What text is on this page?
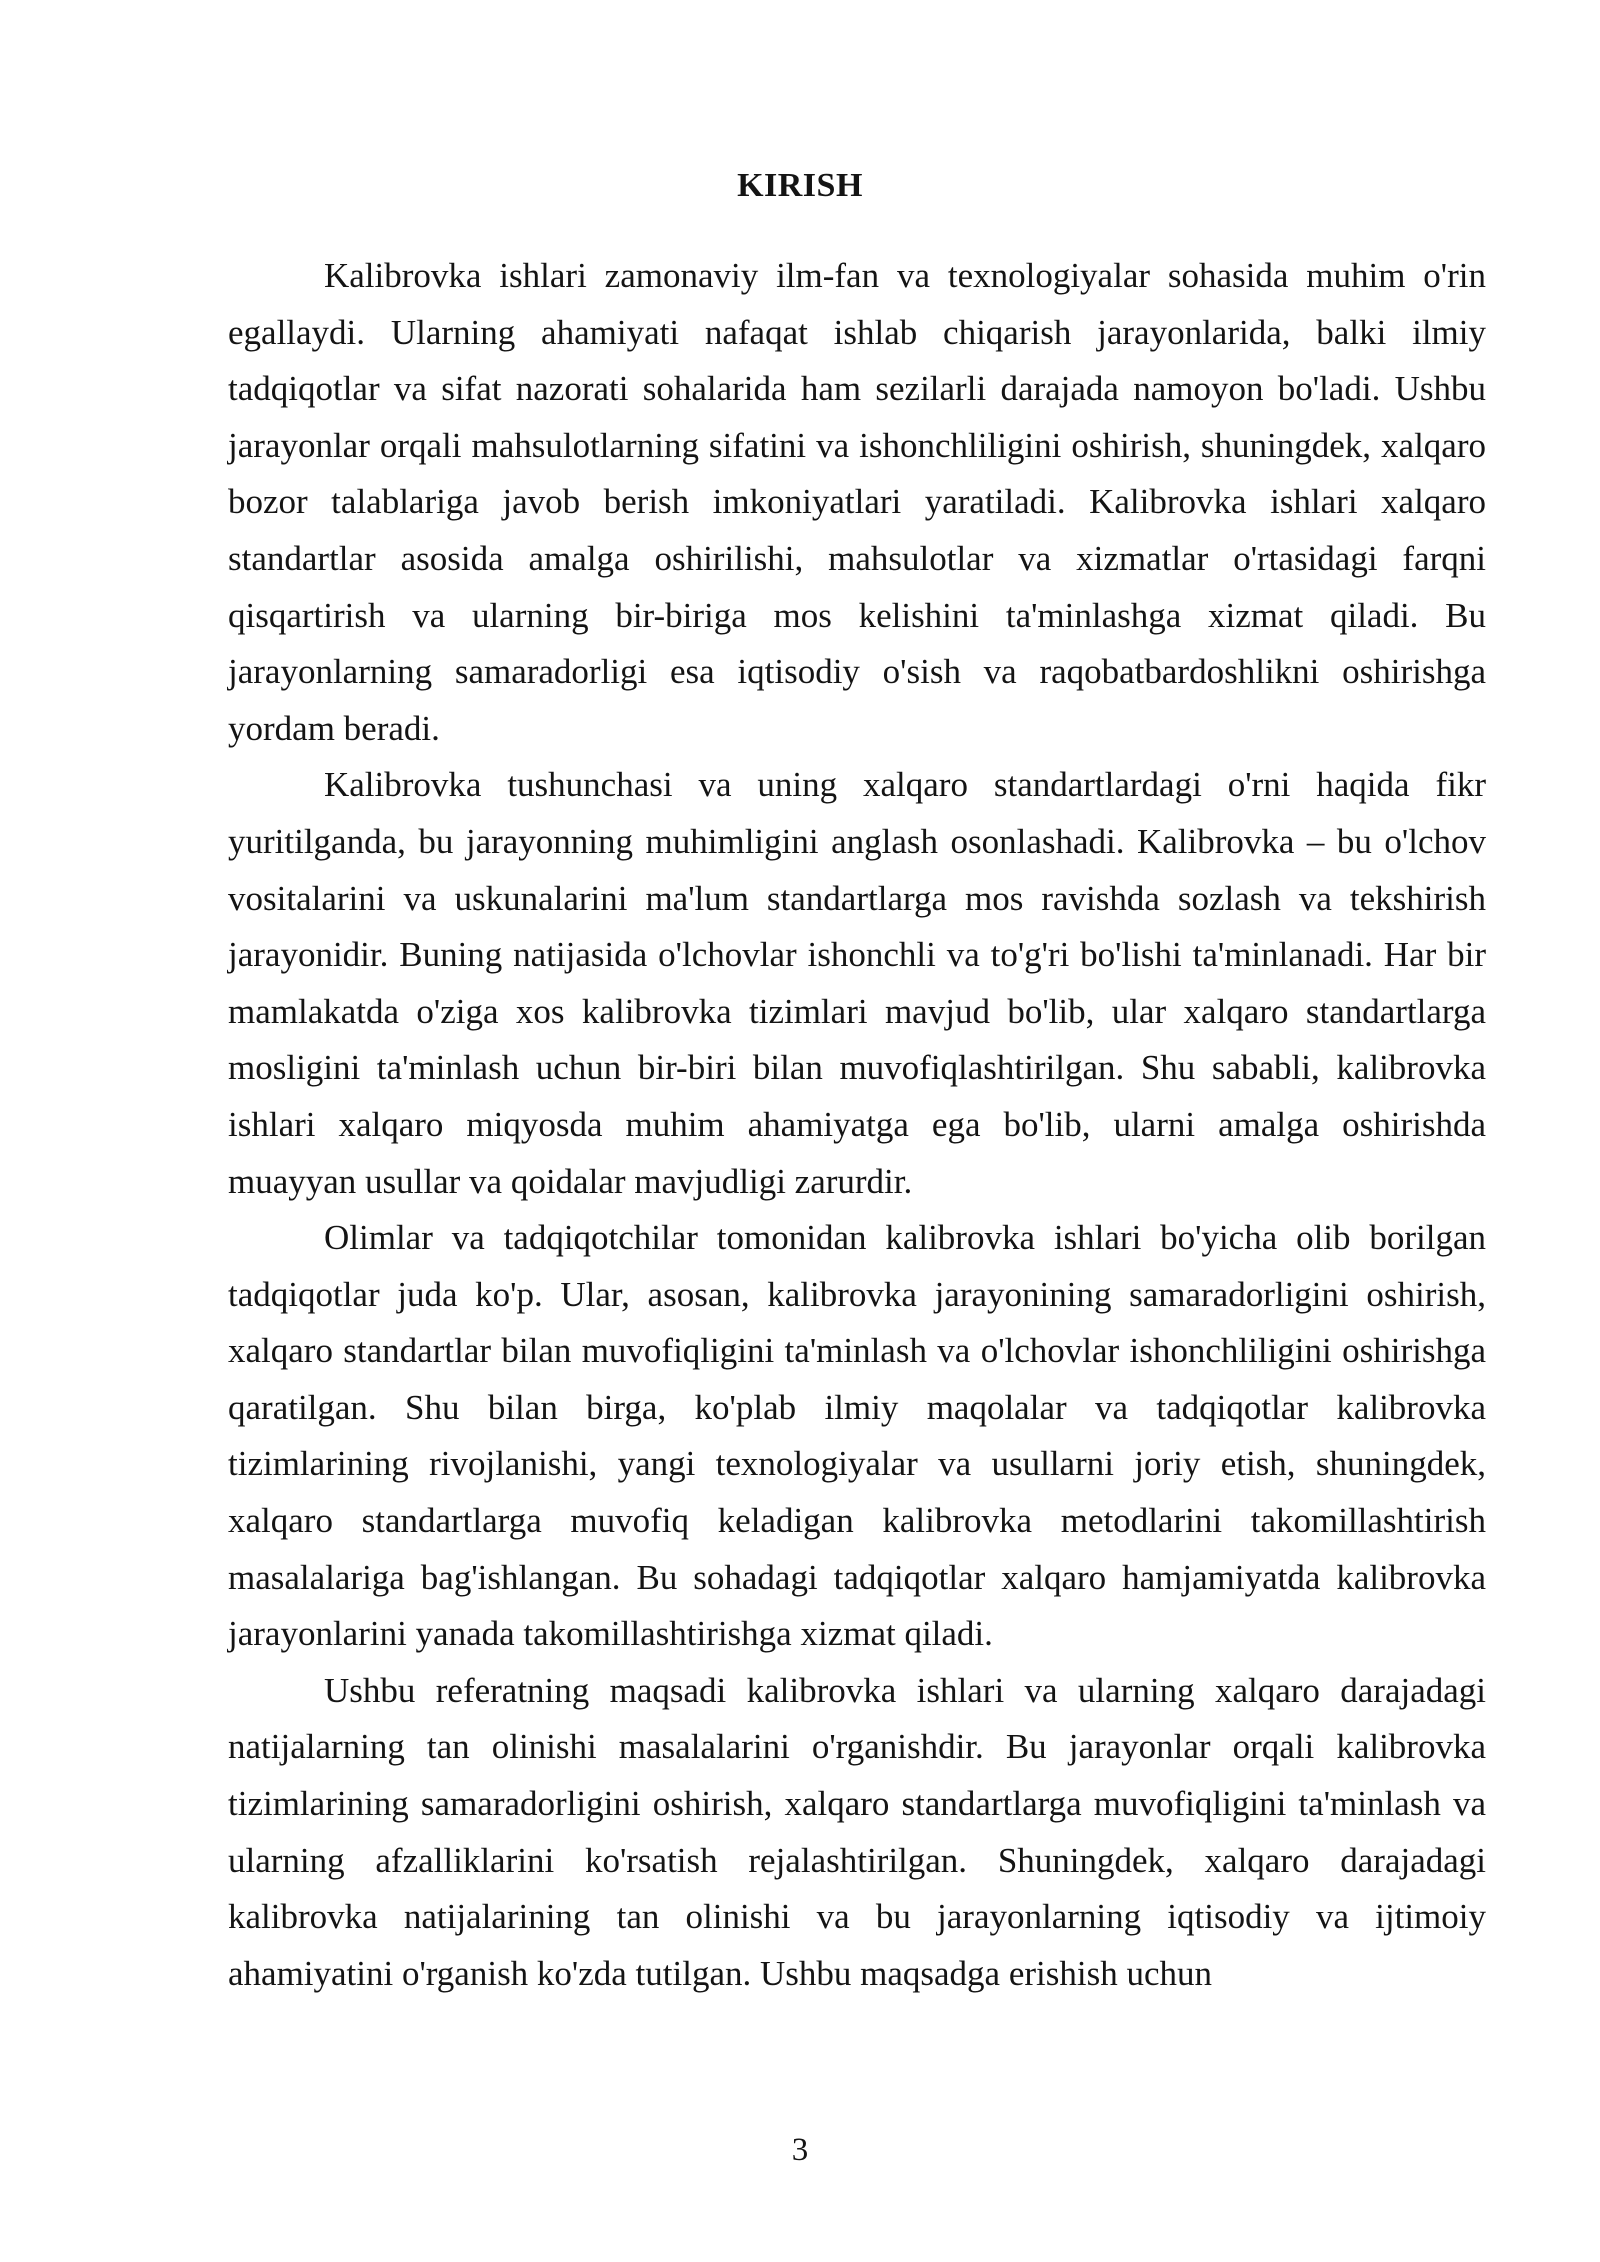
KIRISH

Kalibrovka ishlari zamonaviy ilm-fan va texnologiyalar sohasida muhim o'rin egallaydi. Ularning ahamiyati nafaqat ishlab chiqarish jarayonlarida, balki ilmiy tadqiqotlar va sifat nazorati sohalarida ham sezilarli darajada namoyon bo'ladi. Ushbu jarayonlar orqali mahsulotlarning sifatini va ishonchliligini oshirish, shuningdek, xalqaro bozor talablariga javob berish imkoniyatlari yaratiladi. Kalibrovka ishlari xalqaro standartlar asosida amalga oshirilishi, mahsulotlar va xizmatlar o'rtasidagi farqni qisqartirish va ularning bir-biriga mos kelishini ta'minlashga xizmat qiladi. Bu jarayonlarning samaradorligi esa iqtisodiy o'sish va raqobatbardoshlikni oshirishga yordam beradi.

Kalibrovka tushunchasi va uning xalqaro standartlardagi o'rni haqida fikr yuritilganda, bu jarayonning muhimligini anglash osonlashadi. Kalibrovka – bu o'lchov vositalarini va uskunalarini ma'lum standartlarga mos ravishda sozlash va tekshirish jarayonidir. Buning natijasida o'lchovlar ishonchli va to'g'ri bo'lishi ta'minlanadi. Har bir mamlakatda o'ziga xos kalibrovka tizimlari mavjud bo'lib, ular xalqaro standartlarga mosligini ta'minlash uchun bir-biri bilan muvofiqlashtirilgan. Shu sababli, kalibrovka ishlari xalqaro miqyosda muhim ahamiyatga ega bo'lib, ularni amalga oshirishda muayyan usullar va qoidalar mavjudligi zarurdir.

Olimlar va tadqiqotchilar tomonidan kalibrovka ishlari bo'yicha olib borilgan tadqiqotlar juda ko'p. Ular, asosan, kalibrovka jarayonining samaradorligini oshirish, xalqaro standartlar bilan muvofiqligini ta'minlash va o'lchovlar ishonchliligini oshirishga qaratilgan. Shu bilan birga, ko'plab ilmiy maqolalar va tadqiqotlar kalibrovka tizimlarining rivojlanishi, yangi texnologiyalar va usullarni joriy etish, shuningdek, xalqaro standartlarga muvofiq keladigan kalibrovka metodlarini takomillashtirish masalalariga bag'ishlangan. Bu sohadagi tadqiqotlar xalqaro hamjamiyatda kalibrovka jarayonlarini yanada takomillashtirishga xizmat qiladi.

Ushbu referatning maqsadi kalibrovka ishlari va ularning xalqaro darajadagi natijalarning tan olinishi masalalarini o'rganishdir. Bu jarayonlar orqali kalibrovka tizimlarining samaradorligini oshirish, xalqaro standartlarga muvofiqligini ta'minlash va ularning afzalliklarini ko'rsatish rejalashtirilgan. Shuningdek, xalqaro darajadagi kalibrovka natijalarining tan olinishi va bu jarayonlarning iqtisodiy va ijtimoiy ahamiyatini o'rganish ko'zda tutilgan. Ushbu maqsadga erishish uchun

3
